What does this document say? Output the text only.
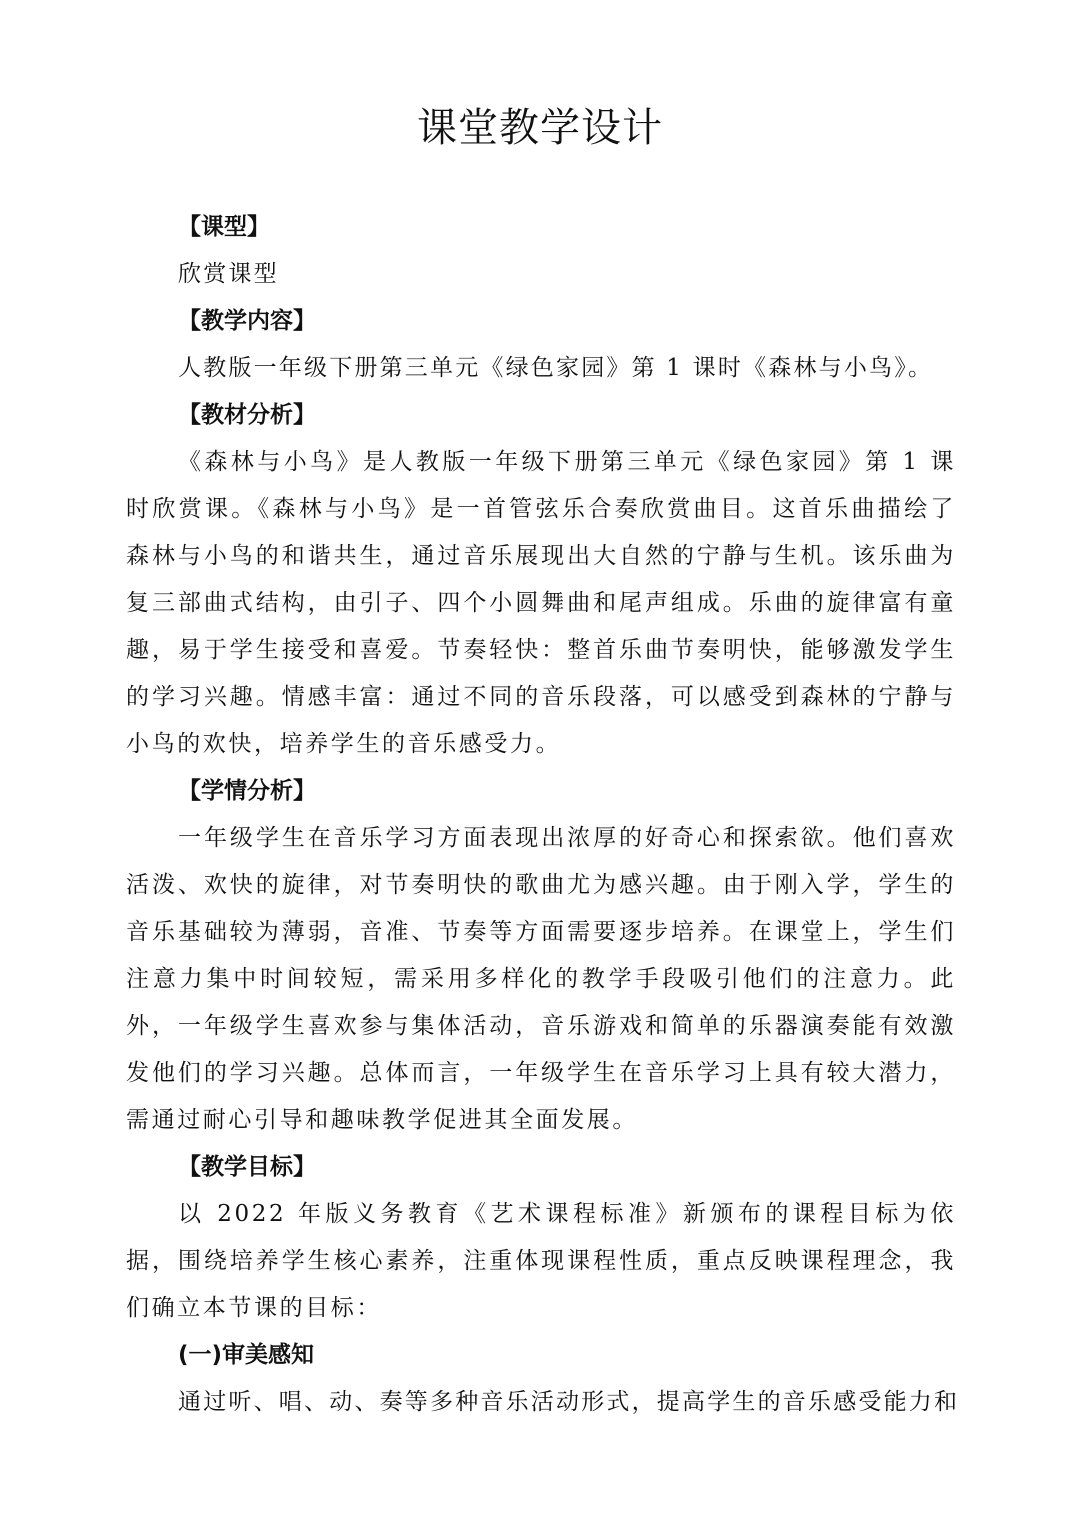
课堂教学设计

【课型】

欣赏课型

【教学内容】

人教版一年级下册第三单元《绿色家园》第 1 课时《森林与小鸟》。

【教材分析】

《森林与小鸟》是人教版一年级下册第三单元《绿色家园》第 1 课时欣赏课。《森林与小鸟》是一首管弦乐合奏欣赏曲目。这首乐曲描绘了森林与小鸟的和谐共生，通过音乐展现出大自然的宁静与生机。该乐曲为复三部曲式结构，由引子、四个小圆舞曲和尾声组成。乐曲的旋律富有童趣，易于学生接受和喜爱。节奏轻快：整首乐曲节奏明快，能够激发学生的学习兴趣。情感丰富：通过不同的音乐段落，可以感受到森林的宁静与小鸟的欢快，培养学生的音乐感受力。

【学情分析】

一年级学生在音乐学习方面表现出浓厚的好奇心和探索欲。他们喜欢活泼、欢快的旋律，对节奏明快的歌曲尤为感兴趣。由于刚入学，学生的音乐基础较为薄弱，音准、节奏等方面需要逐步培养。在课堂上，学生们注意力集中时间较短，需采用多样化的教学手段吸引他们的注意力。此外，一年级学生喜欢参与集体活动，音乐游戏和简单的乐器演奏能有效激发他们的学习兴趣。总体而言，一年级学生在音乐学习上具有较大潜力，需通过耐心引导和趣味教学促进其全面发展。

【教学目标】

以 2022 年版义务教育《艺术课程标准》新颁布的课程目标为依据，围绕培养学生核心素养，注重体现课程性质，重点反映课程理念，我们确立本节课的目标：

(一)审美感知

通过听、唱、动、奏等多种音乐活动形式，提高学生的音乐感受能力和
